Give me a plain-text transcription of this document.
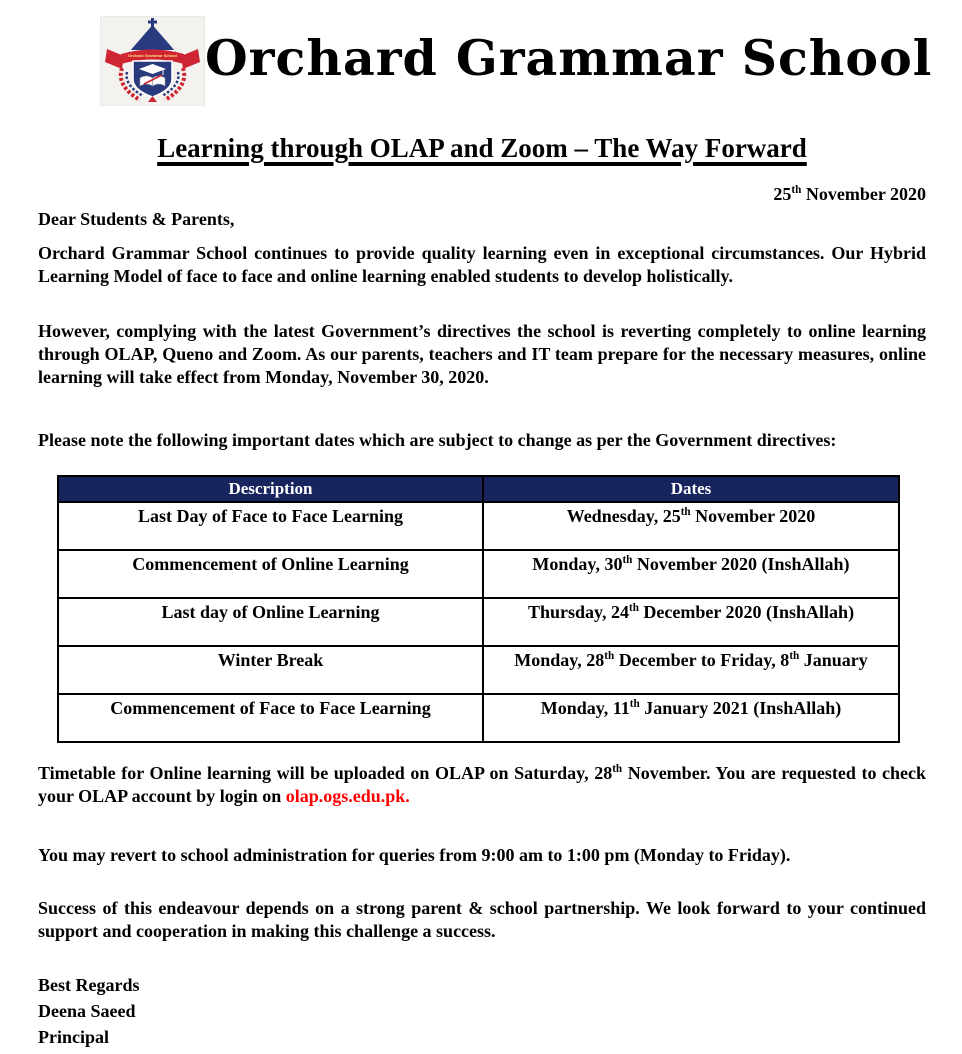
Orchard Grammar School Orchard Grammar School
Learning through OLAP and Zoom – The Way Forward
25th November 2020

Dear Students & Parents,

Orchard Grammar School continues to provide quality learning even in exceptional circumstances. Our Hybrid Learning Model of face to face and online learning enabled students to develop holistically.

However, complying with the latest Government’s directives the school is reverting completely to online learning through OLAP, Queno and Zoom. As our parents, teachers and IT team prepare for the necessary measures, online learning will take effect from Monday, November 30, 2020.

Please note the following important dates which are subject to change as per the Government directives:

Description	Dates
Last Day of Face to Face Learning	Wednesday, 25th November 2020
Commencement of Online Learning	Monday, 30th November 2020 (InshAllah)
Last day of Online Learning	Thursday, 24th December 2020 (InshAllah)
Winter Break	Monday, 28th December to Friday, 8th January
Commencement of Face to Face Learning	Monday, 11th January 2021 (InshAllah)

Timetable for Online learning will be uploaded on OLAP on Saturday, 28th November. You are requested to check your OLAP account by login on olap.ogs.edu.pk.

You may revert to school administration for queries from 9:00 am to 1:00 pm (Monday to Friday).

Success of this endeavour depends on a strong parent & school partnership. We look forward to your continued support and cooperation in making this challenge a success.

Best Regards
Deena Saeed
Principal
